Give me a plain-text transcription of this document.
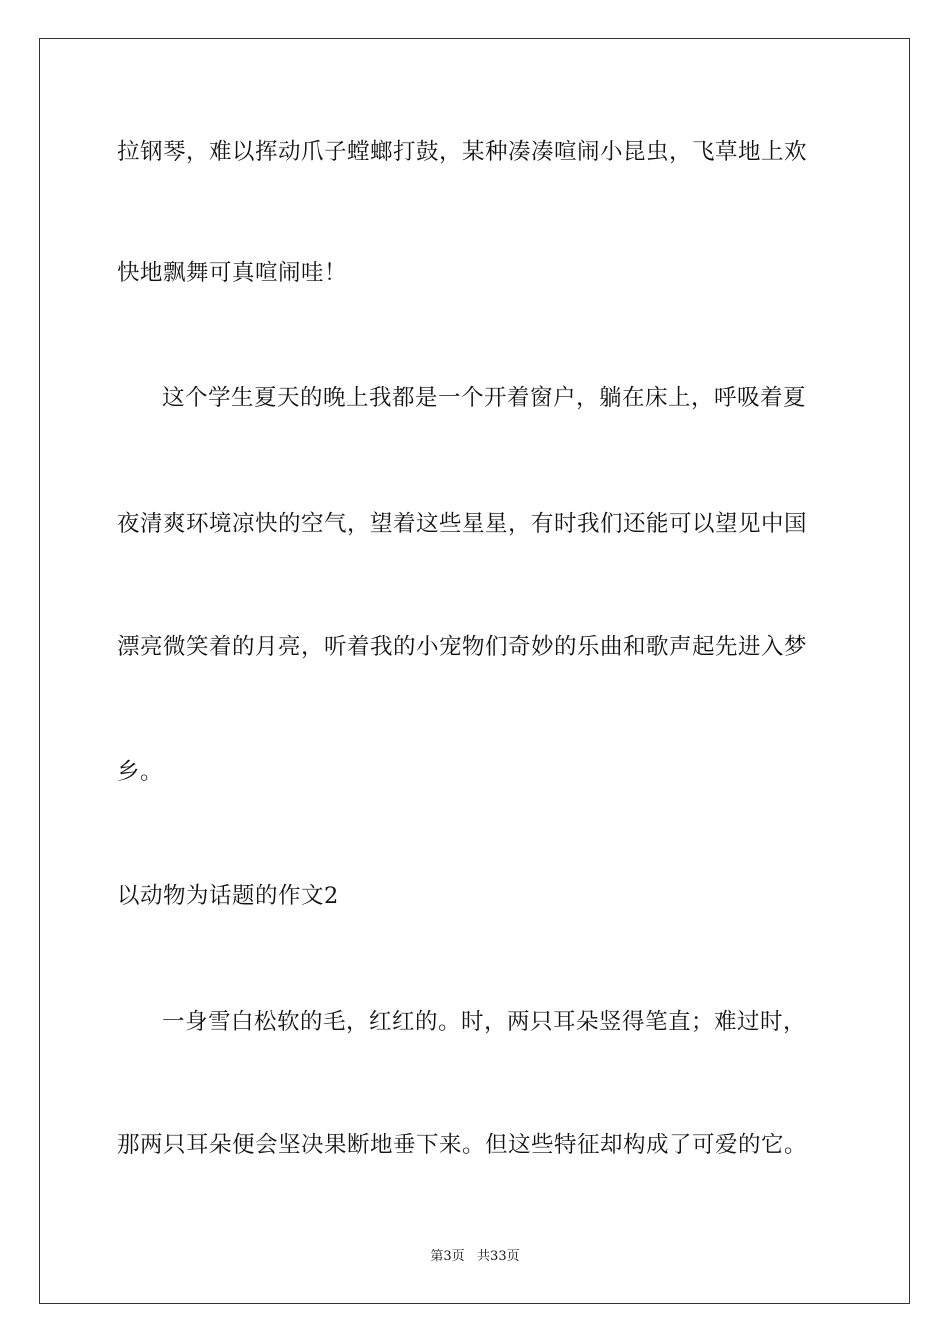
拉钢琴，难以挥动爪子螳螂打鼓，某种凑凑喧闹小昆虫，飞草地上欢
快地飘舞可真喧闹哇！
这个学生夏天的晚上我都是一个开着窗户，躺在床上，呼吸着夏
夜清爽环境凉快的空气，望着这些星星，有时我们还能可以望见中国
漂亮微笑着的月亮，听着我的小宠物们奇妙的乐曲和歌声起先进入梦
乡。
以动物为话题的作文2
一身雪白松软的毛，红红的。时，两只耳朵竖得笔直；难过时，
那两只耳朵便会坚决果断地垂下来。但这些特征却构成了可爱的它。
第3页   共33页
